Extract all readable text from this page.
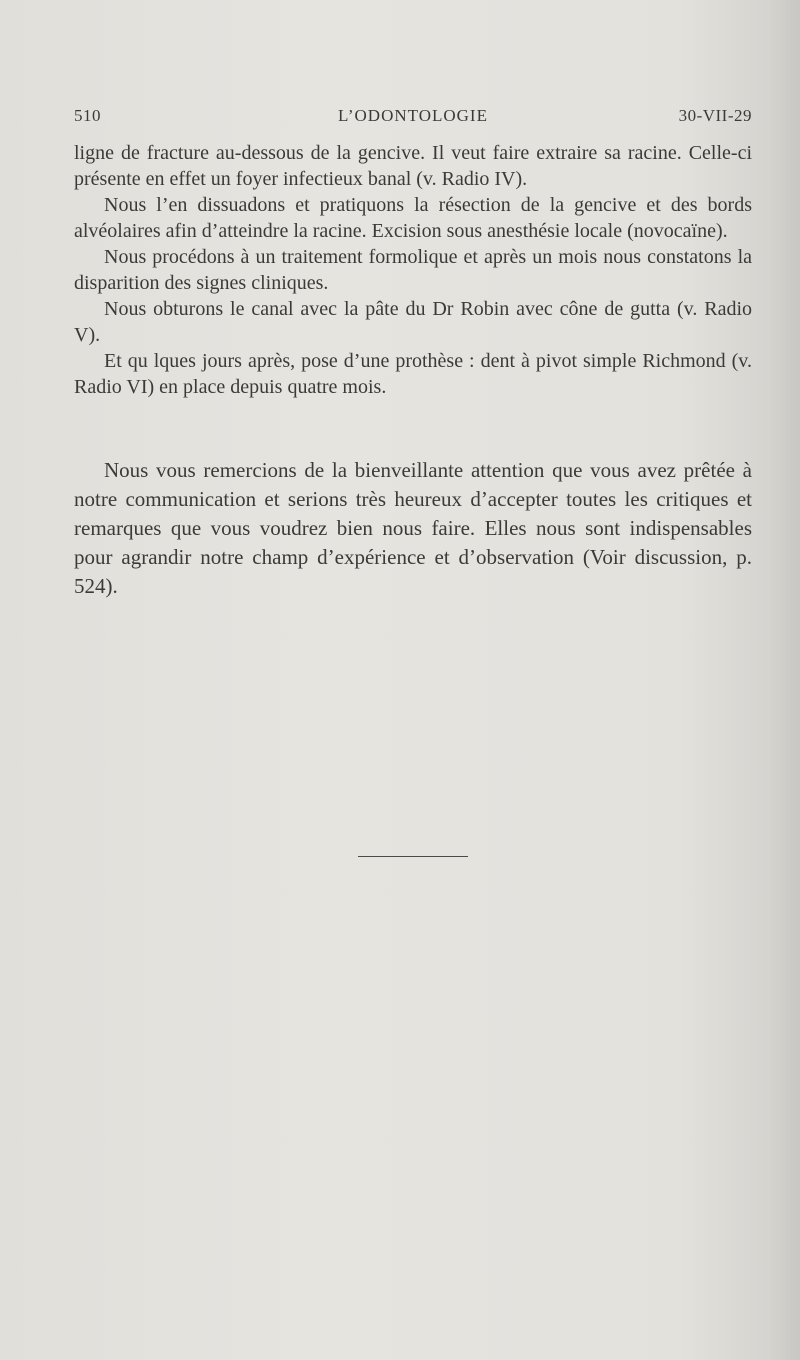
510	L’ODONTOLOGIE	30-VII-29

ligne de fracture au-dessous de la gencive. Il veut faire extraire sa racine. Celle-ci présente en effet un foyer infectieux banal (v. Radio IV).

Nous l’en dissuadons et pratiquons la résection de la gencive et des bords alvéolaires afin d’atteindre la racine. Excision sous anesthésie locale (novocaïne).

Nous procédons à un traitement formolique et après un mois nous constatons la disparition des signes cliniques.

Nous obturons le canal avec la pâte du Dr Robin avec cône de gutta (v. Radio V).

Et qu lques jours après, pose d’une prothèse : dent à pivot simple Richmond (v. Radio VI) en place depuis quatre mois.

Nous vous remercions de la bienveillante attention que vous avez prêtée à notre communication et serions très heureux d’accepter toutes les critiques et remarques que vous voudrez bien nous faire. Elles nous sont indispensables pour agrandir notre champ d’expérience et d’observation (Voir discussion, p. 524).
